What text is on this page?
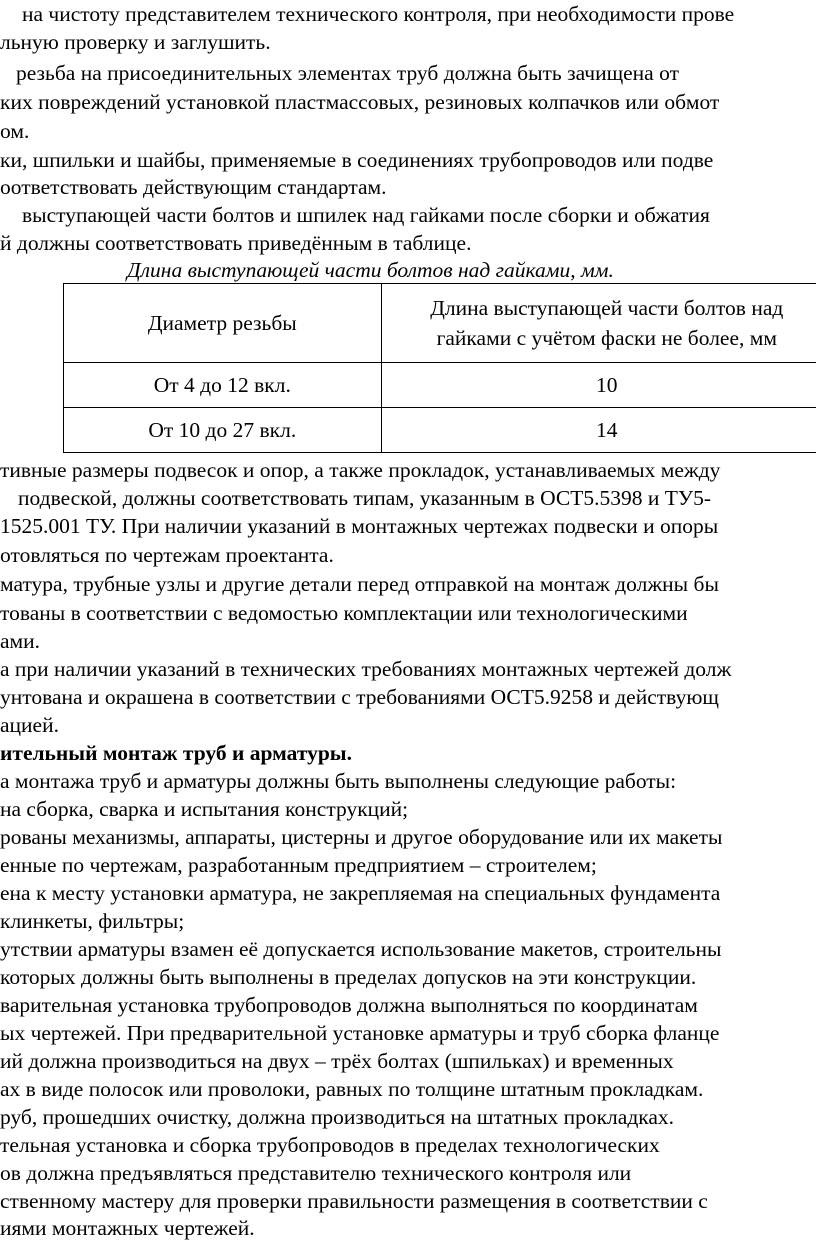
на чистоту представителем технического контроля, при необходимости прове
льную проверку и заглушить.
резьба на присоединительных элементах труб должна быть зачищена от
ких повреждений установкой пластмассовых, резиновых колпачков или обмот
ом.
ки, шпильки и шайбы, применяемые в соединениях трубопроводов или подве
оответствовать действующим стандартам.
выступающей части болтов и шпилек над гайками после сборки и обжатия
й должны соответствовать приведённым в таблице.
Длина выступающей части болтов над гайками, мм.
Диаметр резьбы	Длина выступающей части болтов над
гайками с учётом фаски не более, мм
От 4 до 12 вкл.	10
От 10 до 27 вкл.	14
тивные размеры подвесок и опор, а также прокладок, устанавливаемых между
подвеской, должны соответствовать типам, указанным в ОСТ5.5398 и ТУ5-
1525.001 ТУ. При наличии указаний в монтажных чертежах подвески и опоры
отовляться по чертежам проектанта.
матура, трубные узлы и другие детали перед отправкой на монтаж должны бы
тованы в соответствии с ведомостью комплектации или технологическими
ами.
а при наличии указаний в технических требованиях монтажных чертежей долж
унтована и окрашена в соответствии с требованиями ОСТ5.9258 и действующ
ацией.
ительный монтаж труб и арматуры.
а монтажа труб и арматуры должны быть выполнены следующие работы:
на сборка, сварка и испытания конструкций;
рованы механизмы, аппараты, цистерны и другое оборудование или их макеты
енные по чертежам, разработанным предприятием – строителем;
ена к месту установки арматура, не закрепляемая на специальных фундамента
клинкеты, фильтры;
утствии арматуры взамен её допускается использование макетов, строительны
которых должны быть выполнены в пределах допусков на эти конструкции.
варительная установка трубопроводов должна выполняться по координатам
ых чертежей. При предварительной установке арматуры и труб сборка фланце
ий должна производиться на двух – трёх болтах (шпильках) и временных
ах в виде полосок или проволоки, равных по толщине штатным прокладкам.
руб, прошедших очистку, должна производиться на штатных прокладках.
тельная установка и сборка трубопроводов в пределах технологических
ов должна предъявляться представителю технического контроля или
ственному мастеру для проверки правильности размещения в соответствии с
иями монтажных чертежей.
